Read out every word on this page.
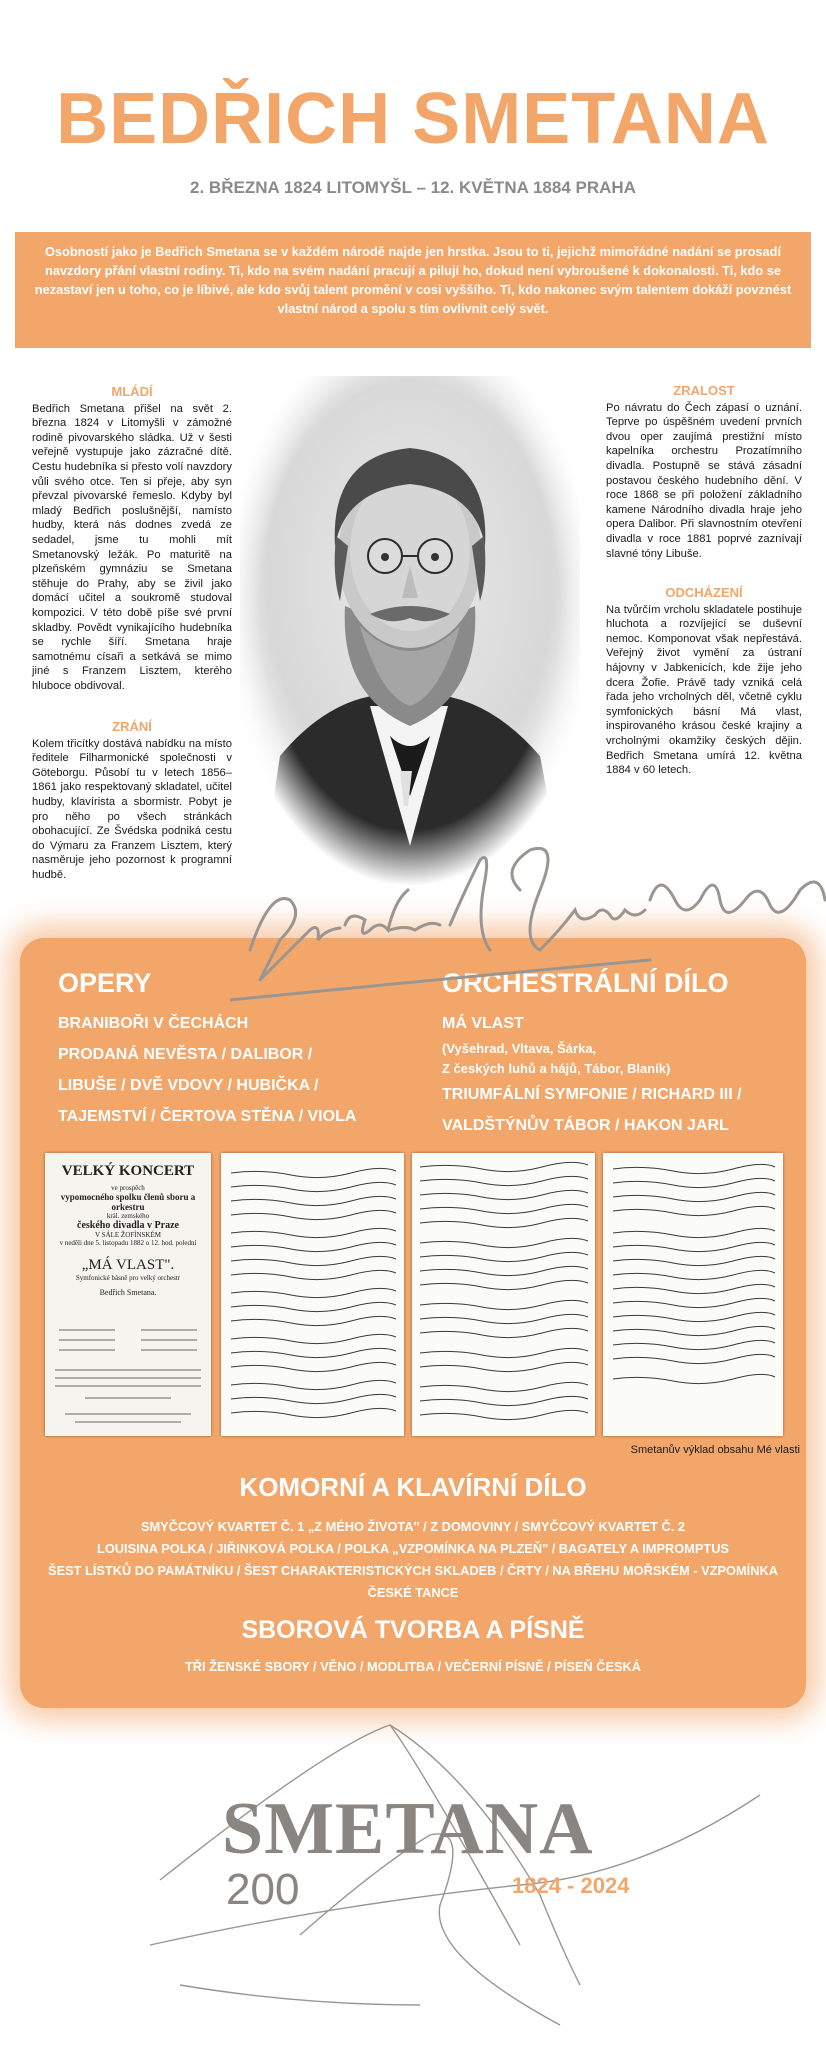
BEDŘICH SMETANA
2. BŘEZNA 1824 LITOMYŠL – 12. KVĚTNA 1884 PRAHA
Osobností jako je Bedřich Smetana se v každém národě najde jen hrstka. Jsou to ti, jejichž mimořádné nadání se prosadí navzdory přání vlastní rodiny. Ti, kdo na svém nadání pracují a pilují ho, dokud není vybroušené k dokonalosti. Ti, kdo se nezastaví jen u toho, co je líbivé, ale kdo svůj talent promění v cosi vyššího. Ti, kdo nakonec svým talentem dokáží povznést vlastní národ a spolu s tím ovlivnit celý svět.
MLÁDÍ

Bedřich Smetana přišel na svět 2. března 1824 v Litomyšli v zámožné rodině pivovarského sládka. Už v šesti veřejně vystupuje jako zázračné dítě. Cestu hudebníka si přesto volí navzdory vůli svého otce. Ten si přeje, aby syn převzal pivovarské řemeslo. Kdyby byl mladý Bedřich poslušnější, namísto hudby, která nás dodnes zvedá ze sedadel, jsme tu mohli mít Smetanovský ležák. Po maturitě na plzeňském gymnáziu se Smetana stěhuje do Prahy, aby se živil jako domácí učitel a soukromě studoval kompozici. V této době píše své první skladby. Povědt vynikajícího hudebníka se rychle šíří. Smetana hraje samotnému císaři a setkává se mimo jiné s Franzem Lisztem, kterého hluboce obdivoval.

ZRÁNÍ

Kolem třicítky dostává nabídku na místo ředitele Filharmonické společnosti v Göteborgu. Působí tu v letech 1856–1861 jako respektovaný skladatel, učitel hudby, klavírista a sbormistr. Pobyt je pro něho po všech stránkách obohacující. Ze Švédska podniká cestu do Výmaru za Franzem Lisztem, který nasměruje jeho pozornost k programní hudbě.

ZRALOST

Po návratu do Čech zápasí o uznání. Teprve po úspěšném uvedení prvních dvou oper zaujímá prestižní místo kapelníka orchestru Prozatímního divadla. Postupně se stává zásadní postavou českého hudebního dění. V roce 1868 se při položení základního kamene Národního divadla hraje jeho opera Dalibor. Při slavnostním otevření divadla v roce 1881 poprvé zaznívají slavné tóny Libuše.

ODCHÁZENÍ

Na tvůrčím vrcholu skladatele postihuje hluchota a rozvíjející se duševní nemoc. Komponovat však nepřestává. Veřejný život vymění za ústraní hájovny v Jabkenicích, kde žije jeho dcera Žofie. Právě tady vzniká celá řada jeho vrcholných děl, včetně cyklu symfonických básní Má vlast, inspirovaného krásou české krajiny a vrcholnými okamžiky českých dějin. Bedřich Smetana umírá 12. května 1884 v 60 letech.

OPERY
BRANIBOŘI V ČECHÁCH
PRODANÁ NEVĚSTA / DALIBOR /
LIBUŠE / DVĚ VDOVY / HUBIČKA /
TAJEMSTVÍ / ČERTOVA STĚNA / VIOLA
ORCHESTRÁLNÍ DÍLO
MÁ VLAST
(Vyšehrad, Vltava, Šárka,
Z českých luhů a hájů, Tábor, Blaník)
TRIUMFÁLNÍ SYMFONIE / RICHARD III /
VALDŠTÝNŮV TÁBOR / HAKON JARL
VELKÝ KONCERT
ve prospěch
vypomocného spolku členů sboru a orkestru
král. zemského
českého divadla v Praze
V SÁLE ŽOFÍNSKÉM
v neděli dne 5. listopadu 1882 o 12. hod. polední
„MÁ VLAST".
Symfonické básně pro velký orchestr
Bedřich Smetana.
Smetanův výklad obsahu Mé vlasti
KOMORNÍ A KLAVÍRNÍ DÍLO
SMYČCOVÝ KVARTET Č. 1 „Z MÉHO ŽIVOTA" / Z DOMOVINY / SMYČCOVÝ KVARTET Č. 2
LOUISINA POLKA / JIŘINKOVÁ POLKA / POLKA „VZPOMÍNKA NA PLZEŇ" / BAGATELY A IMPROMPTUS
ŠEST LÍSTKŮ DO PAMÁTNÍKU / ŠEST CHARAKTERISTICKÝCH SKLADEB / ČRTY / NA BŘEHU MOŘSKÉM - VZPOMÍNKA
ČESKÉ TANCE
SBOROVÁ TVORBA A PÍSNĚ
TŘI ŽENSKÉ SBORY / VĚNO / MODLITBA / VEČERNÍ PÍSNĚ / PÍSEŇ ČESKÁ
SMETANA
200	1824 - 2024
